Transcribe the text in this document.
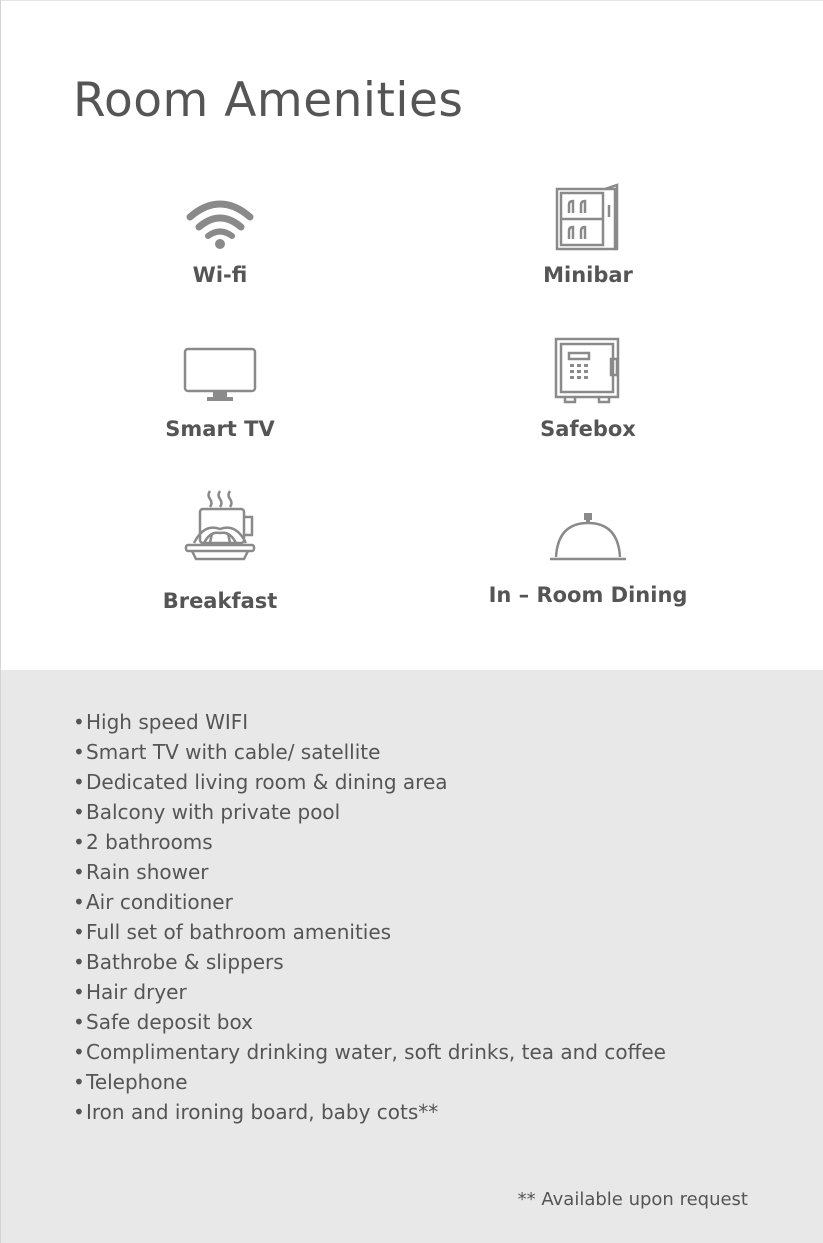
Room Amenities
Wi-fi	Minibar
Smart TV	Safebox
Breakfast	In – Room Dining
•High speed WIFI
•Smart TV with cable/ satellite
•Dedicated living room & dining area
•Balcony with private pool
•2 bathrooms
•Rain shower
•Air conditioner
•Full set of bathroom amenities
•Bathrobe & slippers
•Hair dryer
•Safe deposit box
•Complimentary drinking water, soft drinks, tea and coffee
•Telephone
•Iron and ironing board, baby cots**
** Available upon request
